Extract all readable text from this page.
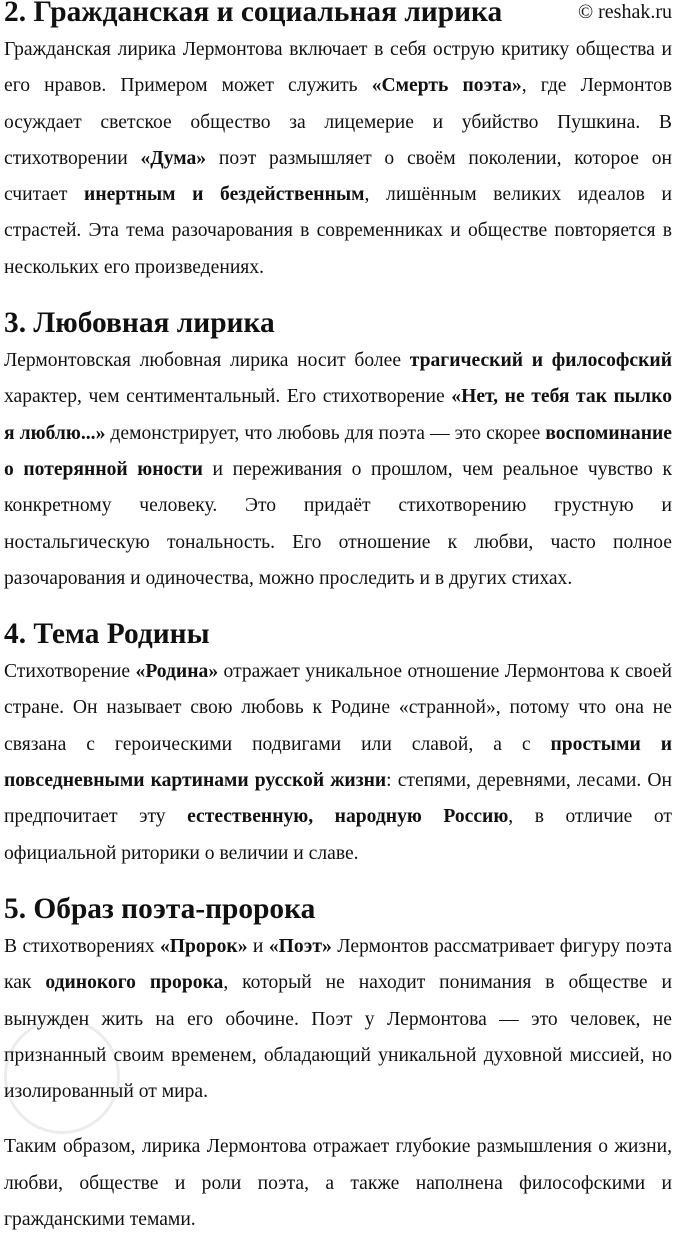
© reshak.ru
2. Гражданская и социальная лирика

Гражданская лирика Лермонтова включает в себя острую критику общества и его нравов. Примером может служить «Смерть поэта», где Лермонтов осуждает светское общество за лицемерие и убийство Пушкина. В стихотворении «Дума» поэт размышляет о своём поколении, которое он считает инертным и бездейственным, лишённым великих идеалов и страстей. Эта тема разочарования в современниках и обществе повторяется в нескольких его произведениях.

3. Любовная лирика

Лермонтовская любовная лирика носит более трагический и философский характер, чем сентиментальный. Его стихотворение «Нет, не тебя так пылко я люблю...» демонстрирует, что любовь для поэта — это скорее воспоминание о потерянной юности и переживания о прошлом, чем реальное чувство к конкретному человеку. Это придаёт стихотворению грустную и ностальгическую тональность. Его отношение к любви, часто полное разочарования и одиночества, можно проследить и в других стихах.

4. Тема Родины

Стихотворение «Родина» отражает уникальное отношение Лермонтова к своей стране. Он называет свою любовь к Родине «странной», потому что она не связана с героическими подвигами или славой, а с простыми и повседневными картинами русской жизни: степями, деревнями, лесами. Он предпочитает эту естественную, народную Россию, в отличие от официальной риторики о величии и славе.

5. Образ поэта-пророка

В стихотворениях «Пророк» и «Поэт» Лермонтов рассматривает фигуру поэта как одинокого пророка, который не находит понимания в обществе и вынужден жить на его обочине. Поэт у Лермонтова — это человек, не признанный своим временем, обладающий уникальной духовной миссией, но изолированный от мира.

Таким образом, лирика Лермонтова отражает глубокие размышления о жизни, любви, обществе и роли поэта, а также наполнена философскими и гражданскими темами.
